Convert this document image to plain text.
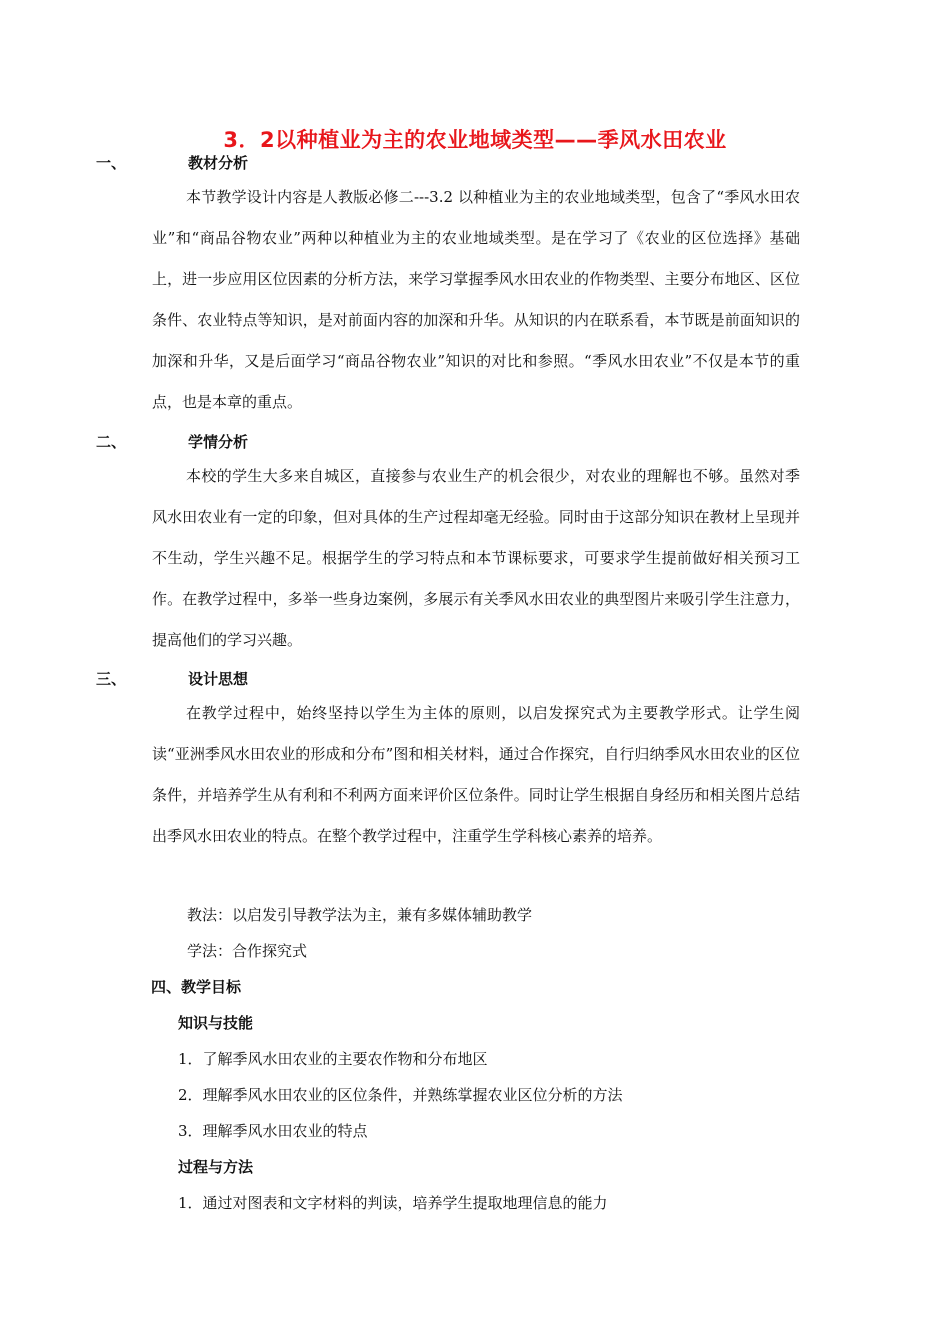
3．2以种植业为主的农业地域类型——季风水田农业
一、	教材分析

本节教学设计内容是人教版必修二---3.2 以种植业为主的农业地域类型，包含了“季风水田农业”和“商品谷物农业”两种以种植业为主的农业地域类型。是在学习了《农业的区位选择》基础上，进一步应用区位因素的分析方法，来学习掌握季风水田农业的作物类型、主要分布地区、区位条件、农业特点等知识，是对前面内容的加深和升华。从知识的内在联系看，本节既是前面知识的加深和升华，又是后面学习“商品谷物农业”知识的对比和参照。“季风水田农业”不仅是本节的重点，也是本章的重点。

二、	学情分析

本校的学生大多来自城区，直接参与农业生产的机会很少，对农业的理解也不够。虽然对季风水田农业有一定的印象，但对具体的生产过程却毫无经验。同时由于这部分知识在教材上呈现并不生动，学生兴趣不足。根据学生的学习特点和本节课标要求，可要求学生提前做好相关预习工作。在教学过程中，多举一些身边案例，多展示有关季风水田农业的典型图片来吸引学生注意力，提高他们的学习兴趣。

三、	设计思想

在教学过程中，始终坚持以学生为主体的原则，以启发探究式为主要教学形式。让学生阅读“亚洲季风水田农业的形成和分布”图和相关材料，通过合作探究，自行归纳季风水田农业的区位条件，并培养学生从有利和不利两方面来评价区位条件。同时让学生根据自身经历和相关图片总结出季风水田农业的特点。在整个教学过程中，注重学生学科核心素养的培养。

教法：以启发引导教学法为主，兼有多媒体辅助教学
学法：合作探究式
四、教学目标
知识与技能
1．了解季风水田农业的主要农作物和分布地区
2．理解季风水田农业的区位条件，并熟练掌握农业区位分析的方法
3．理解季风水田农业的特点
过程与方法
1．通过对图表和文字材料的判读，培养学生提取地理信息的能力
